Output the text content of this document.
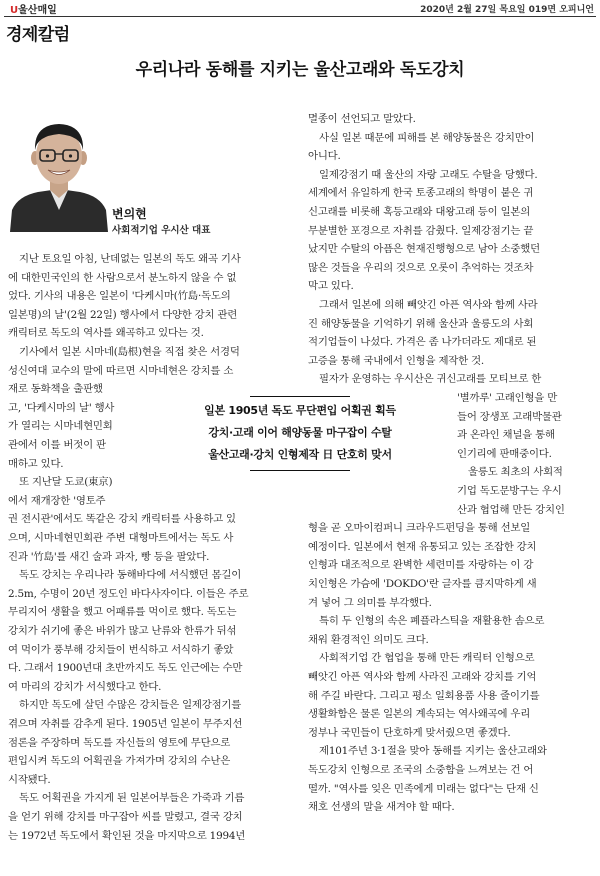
U울산매일	2020년 2월 27일 목요일 019면 오피니언
경제칼럼
우리나라 동해를 지키는 울산고래와 독도강치
변의현
사회적기업 우시산 대표
지난 토요일 아침, 난데없는 일본의 독도 왜곡 기사
에 대한민국인의 한 사람으로서 분노하지 않을 수 없
었다. 기사의 내용은 일본이 '다케시마(竹島·독도의
일본명)의 날'(2월 22일) 행사에서 다양한 강치 관련
캐릭터로 독도의 역사를 왜곡하고 있다는 것.
기사에서 일본 시마네(島根)현을 직접 찾은 서경덕
성신여대 교수의 말에 따르면 시마네현은 강치를 소
재로 동화책을 출판했
고, '다케시마의 날' 행사
가 열리는 시마네현민회
관에서 이를 버젓이 판
매하고 있다.
또 지난달 도쿄(東京)
에서 재개장한 '영토주
권 전시관'에서도 똑같은 강치 캐릭터를 사용하고 있
으며, 시마네현민회관 주변 대형마트에서는 독도 사
진과 '竹島'를 새긴 술과 과자, 빵 등을 팔았다.
독도 강치는 우리나라 동해바다에 서식했던 몸길이
2.5m, 수명이 20년 정도인 바다사자이다. 이들은 주로
무리지어 생활을 했고 어패류를 먹이로 했다. 독도는
강치가 쉬기에 좋은 바위가 많고 난류와 한류가 뒤섞
여 먹이가 풍부해 강치들이 번식하고 서식하기 좋았
다. 그래서 1900년대 초반까지도 독도 인근에는 수만
여 마리의 강치가 서식했다고 한다.
하지만 독도에 살던 수많은 강치들은 일제강점기를
겪으며 자취를 감추게 된다. 1905년 일본이 무주지선
점론을 주장하며 독도를 자신들의 영토에 무단으로
편입시켜 독도의 어획권을 가져가며 강치의 수난은
시작됐다.
독도 어획권을 가지게 된 일본어부들은 가죽과 기름
을 얻기 위해 강치를 마구잡아 씨를 말렸고, 결국 강치
는 1972년 독도에서 확인된 것을 마지막으로 1994년
멸종이 선언되고 말았다.
사실 일본 때문에 피해를 본 해양동물은 강치만이
아니다.
일제강점기 때 울산의 자랑 고래도 수탈을 당했다.
세계에서 유일하게 한국 토종고래의 학명이 붙은 귀
신고래를 비롯해 혹등고래와 대왕고래 등이 일본의
무분별한 포경으로 자취를 감췄다. 일제강점기는 끝
났지만 수탈의 아픔은 현재진행형으로 남아 소중했던
많은 것들을 우리의 것으로 오롯이 추억하는 것조차
막고 있다.
그래서 일본에 의해 빼앗긴 아픈 역사와 함께 사라
진 해양동물을 기억하기 위해 울산과 울릉도의 사회
적기업들이 나섰다. 가격은 좀 나가더라도 제대로 된
고증을 통해 국내에서 인형을 제작한 것.
필자가 운영하는 우시산은 귀신고래를 모티브로 한
'별까루' 고래인형을 만
들어 장생포 고래박물관
과 온라인 채널을 통해
인기리에 판매중이다.
울릉도 최초의 사회적
기업 독도문방구는 우시
산과 협업해 만든 강치인
형을 곧 오마이컴퍼니 크라우드펀딩을 통해 선보일
예정이다. 일본에서 현재 유통되고 있는 조잡한 강치
인형과 대조적으로 완벽한 세련미를 자랑하는 이 강
치인형은 가슴에 'DOKDO'란 글자를 큼지막하게 새
겨 넣어 그 의미를 부각했다.
특히 두 인형의 속은 폐플라스틱을 재활용한 솜으로
채워 환경적인 의미도 크다.
사회적기업 간 협업을 통해 만든 캐릭터 인형으로
빼앗긴 아픈 역사와 함께 사라진 고래와 강치를 기억
해 주길 바란다. 그리고 평소 일회용품 사용 줄이기를
생활화함은 물론 일본의 계속되는 역사왜곡에 우리
정부나 국민들이 단호하게 맞서줬으면 좋겠다.
제101주년 3·1절을 맞아 동해를 지키는 울산고래와
독도강치 인형으로 조국의 소중함을 느껴보는 건 어
떨까. "역사를 잊은 민족에게 미래는 없다"는 단재 신
채호 선생의 말을 새겨야 할 때다.
일본 1905년 독도 무단편입 어획권 획득
강치·고래 이어 해양동물 마구잡이 수탈
울산고래·강치 인형제작 日 단호히 맞서
